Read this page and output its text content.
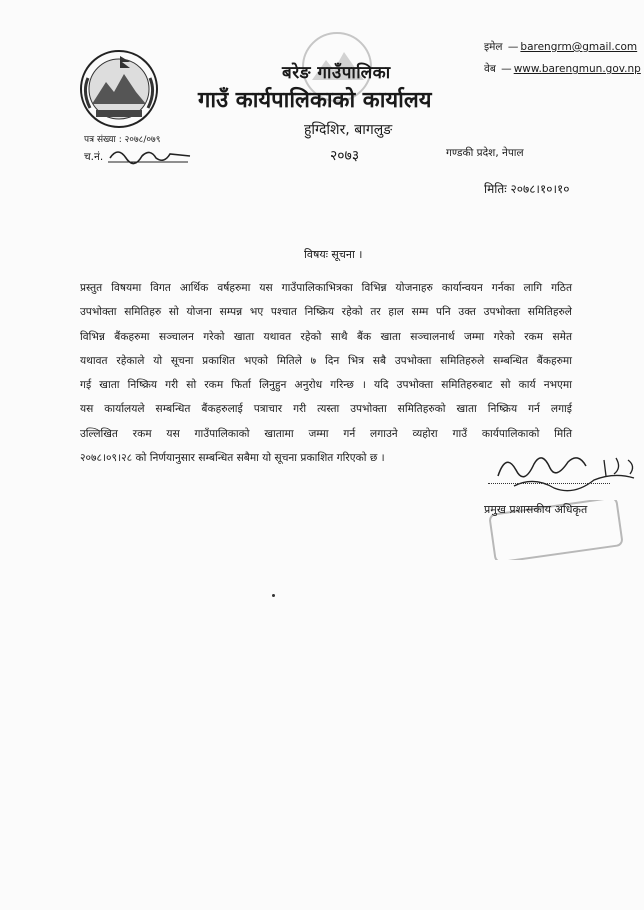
बरेङ गाउँपालिका
गाउँ कार्यपालिकाको कार्यालय
हुग्दिशिर, बागलुङ
२०७३	गण्डकी प्रदेश, नेपाल
इमेल — barengrm@gmail.com
वेब — www.barengmun.gov.np
पत्र संख्या : २०७८/०७९
च.नं.
मितिः २०७८।१०।१०
विषयः सूचना ।
प्रस्तुत विषयमा विगत आर्थिक वर्षहरुमा यस गाउँपालिकाभित्रका विभिन्न योजनाहरु कार्यान्वयन गर्नका लागि गठित
उपभोक्ता समितिहरु सो योजना सम्पन्न भए पश्चात निष्क्रिय रहेको तर हाल सम्म पनि उक्त उपभोक्ता समितिहरुले
विभिन्न बैंकहरुमा सञ्चालन गरेको खाता यथावत रहेको साथै बैंक खाता सञ्चालनार्थ जम्मा गरेको रकम समेत
यथावत रहेकाले यो सूचना प्रकाशित भएको मितिले ७ दिन भित्र सबै उपभोक्ता समितिहरुले सम्बन्धित बैंकहरुमा
गई खाता निष्क्रिय गरी सो रकम फिर्ता लिनुहुन अनुरोध गरिन्छ । यदि उपभोक्ता समितिहरुबाट सो कार्य नभएमा
यस कार्यालयले सम्बन्धित बैंकहरुलाई पत्राचार गरी त्यस्ता उपभोक्ता समितिहरुको खाता निष्क्रिय गर्न लगाई
उल्लिखित रकम यस गाउँपालिकाको खातामा जम्मा गर्न लगाउने व्यहोरा गाउँ कार्यपालिकाको मिति
२०७८।०९।२८ को निर्णयानुसार सम्बन्धित सबैमा यो सूचना प्रकाशित गरिएको छ ।
प्रमुख प्रशासकीय अधिकृत
